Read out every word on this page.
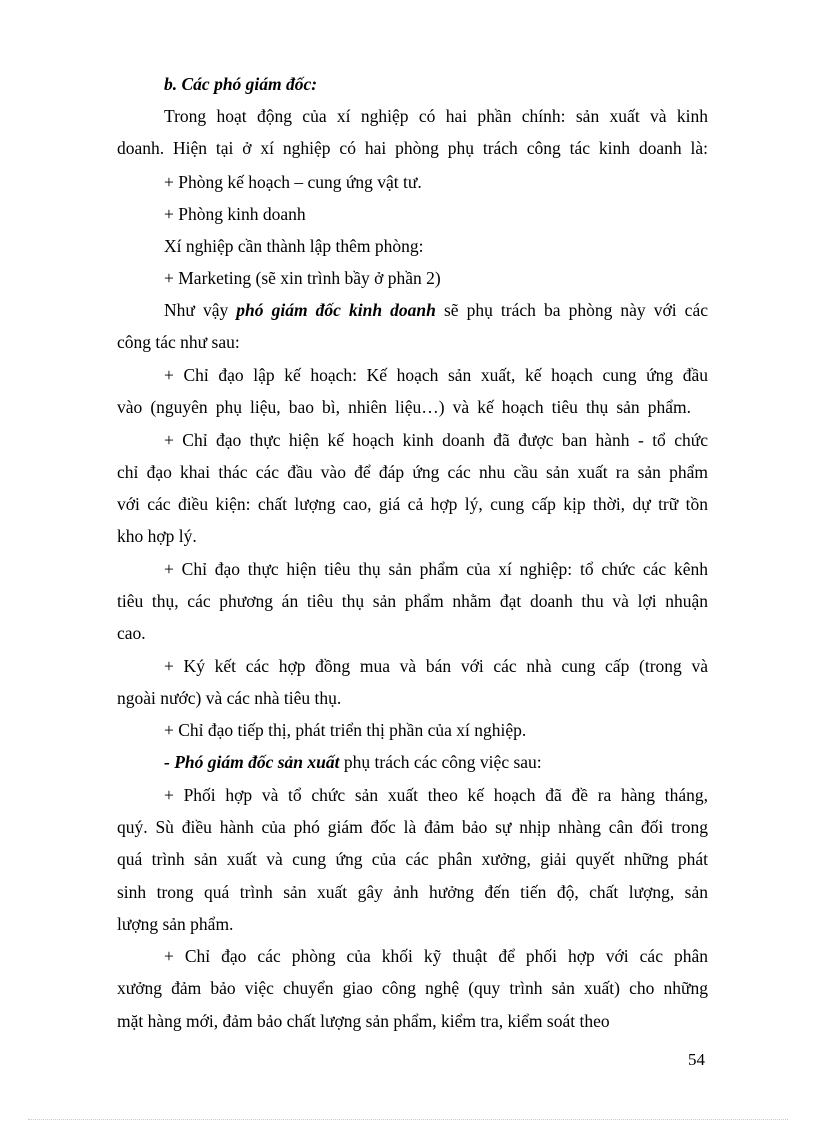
b. Các phó giám đốc:
Trong hoạt động của xí nghiệp có hai phần chính: sản xuất và kinh
doanh. Hiện tại ở xí nghiệp có hai phòng phụ trách công tác kinh doanh là:
+ Phòng kế hoạch – cung ứng vật tư.
+ Phòng kinh doanh
Xí nghiệp cần thành lập thêm phòng:
+ Marketing (sẽ xin trình bầy ở phần 2)
Như vậy phó giám đốc kinh doanh sẽ phụ trách ba phòng này với các
công tác như sau:
+ Chỉ đạo lập kế hoạch: Kế hoạch sản xuất, kế hoạch cung ứng đầu
vào (nguyên phụ liệu, bao bì, nhiên liệu…) và kế hoạch tiêu thụ sản phẩm.
+ Chỉ đạo thực hiện kế hoạch kinh doanh đã được ban hành - tổ chức
chỉ đạo khai thác các đầu vào để đáp ứng các nhu cầu sản xuất ra sản phẩm
với các điều kiện: chất lượng cao, giá cả hợp lý, cung cấp kịp thời, dự trữ tồn
kho hợp lý.
+ Chỉ đạo thực hiện tiêu thụ sản phẩm của xí nghiệp: tổ chức các kênh
tiêu thụ, các phương án tiêu thụ sản phẩm nhằm đạt doanh thu và lợi nhuận
cao.
+ Ký kết các hợp đồng mua và bán với các nhà cung cấp (trong và
ngoài nước) và các nhà tiêu thụ.
+ Chỉ đạo tiếp thị, phát triển thị phần của xí nghiệp.
- Phó giám đốc sản xuất phụ trách các công việc sau:
+ Phối hợp và tổ chức sản xuất theo kế hoạch đã đề ra hàng tháng,
quý. Sù điều hành của phó giám đốc là đảm bảo sự nhịp nhàng cân đối trong
quá trình sản xuất và cung ứng của các phân xưởng, giải quyết những phát
sinh trong quá trình sản xuất gây ảnh hưởng đến tiến độ, chất lượng, sản
lượng sản phẩm.
+ Chỉ đạo các phòng của khối kỹ thuật để phối hợp với các phân
xưởng đảm bảo việc chuyển giao công nghệ (quy trình sản xuất) cho những
mặt hàng mới, đảm bảo chất lượng sản phẩm, kiểm tra, kiểm soát theo
54
